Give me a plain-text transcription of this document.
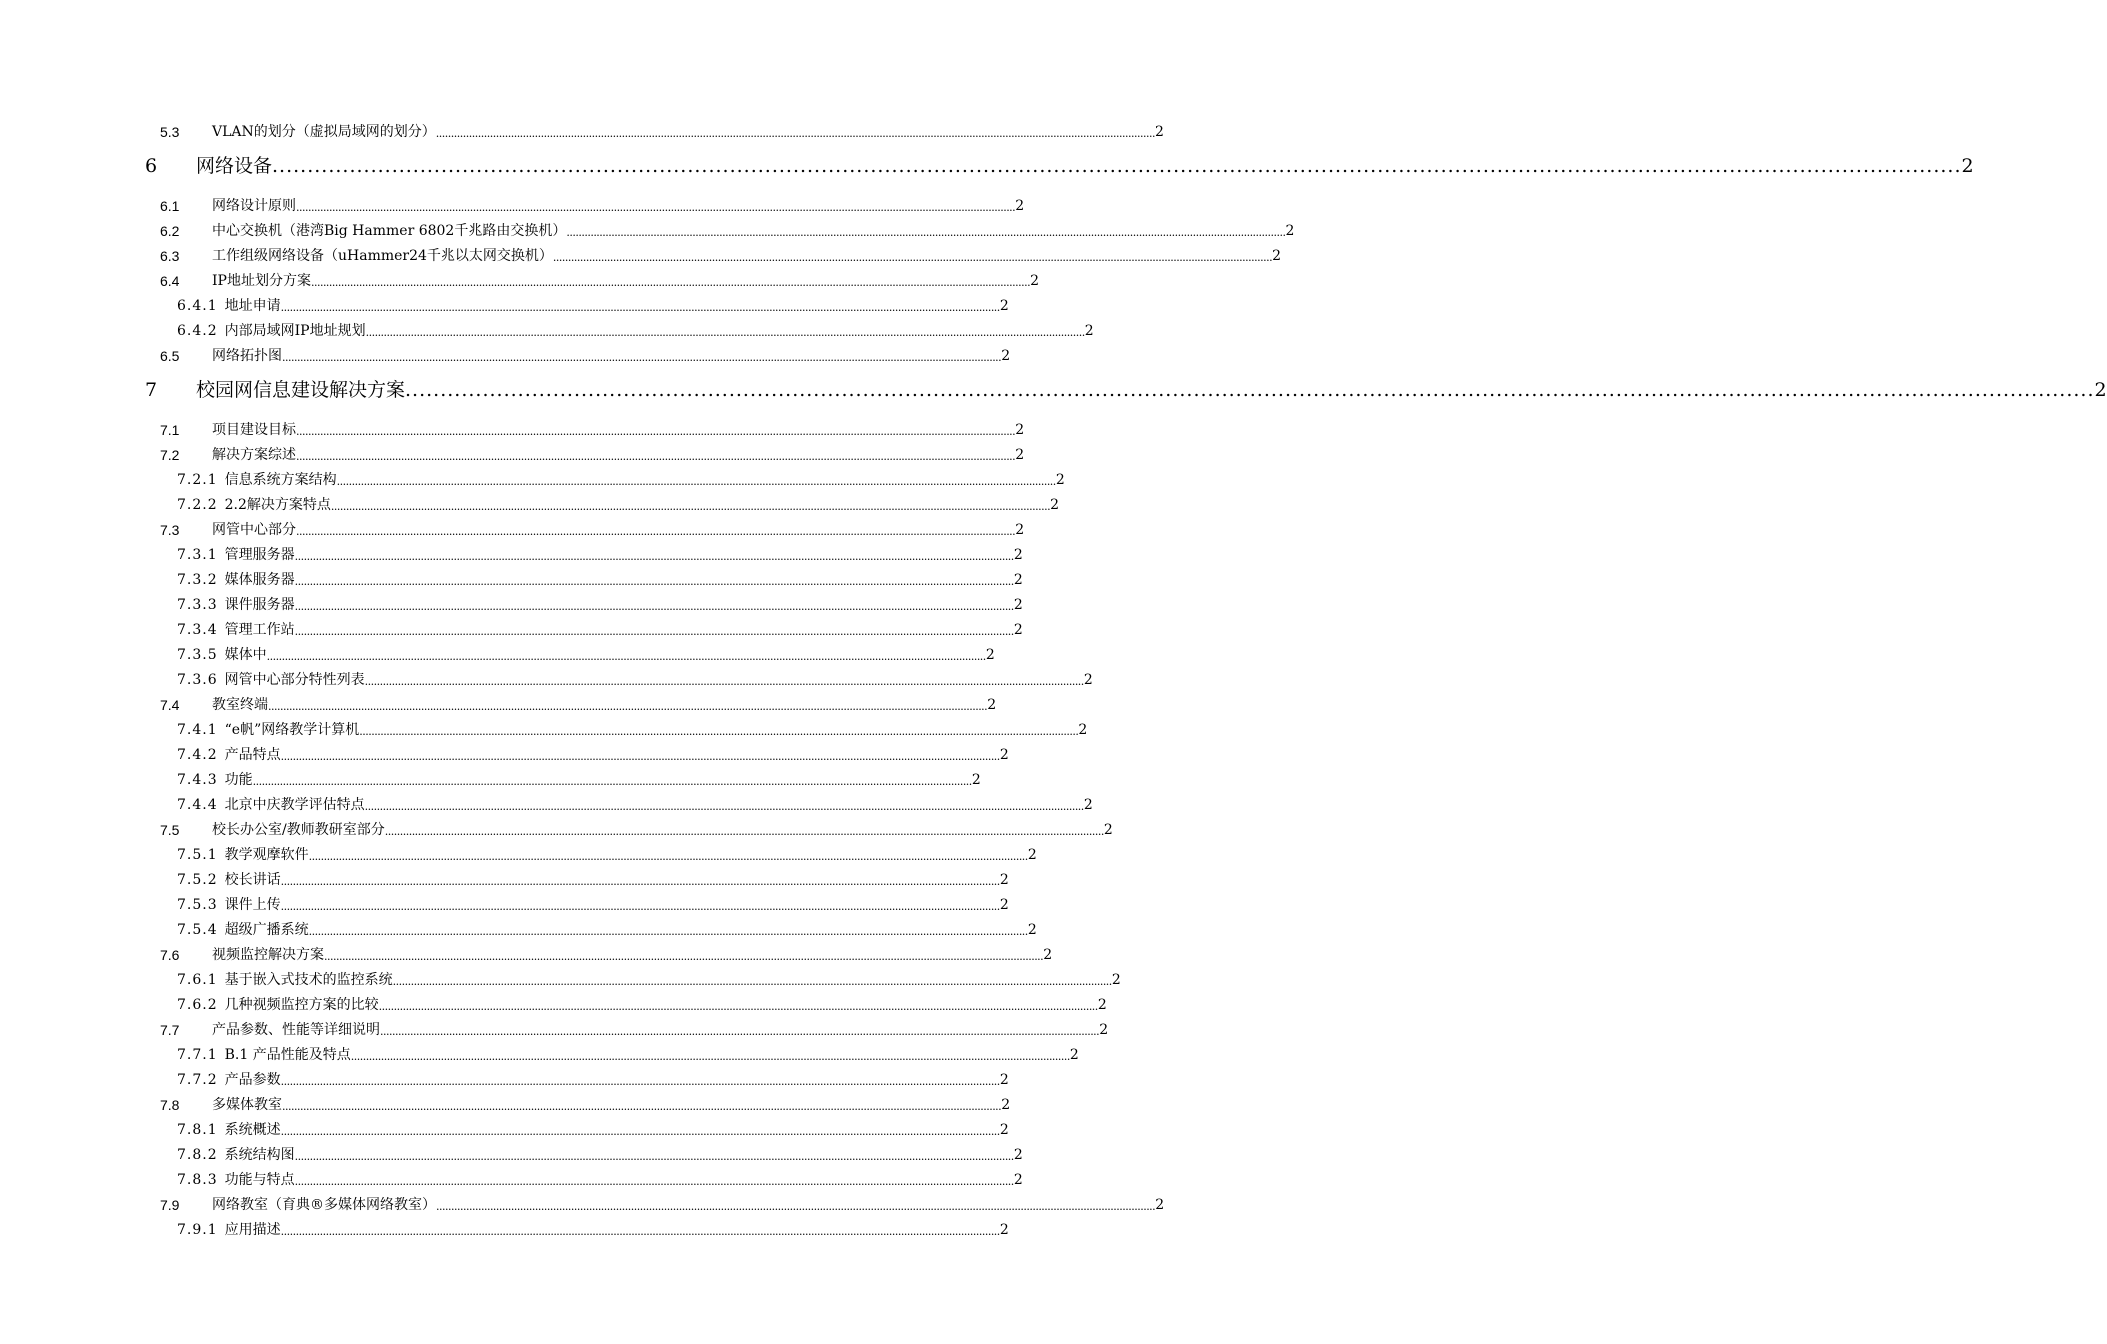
5.3	VLAN的划分（虚拟局域网的划分） ................................................................................................................................................................................................................................................ 2
6	网络设备 ................................................................................................................................................................................................................................................ 2
6.1	网络设计原则 ................................................................................................................................................................................................................................................ 2
6.2	中心交换机（港湾Big Hammer 6802千兆路由交换机） ................................................................................................................................................................................................................................................ 2
6.3	工作组级网络设备（uHammer24千兆以太网交换机） ................................................................................................................................................................................................................................................ 2
6.4	IP地址划分方案 ................................................................................................................................................................................................................................................ 2
6.4.1 地址申请 ................................................................................................................................................................................................................................................ 2
6.4.2 内部局域网IP地址规划 ................................................................................................................................................................................................................................................ 2
6.5	网络拓扑图 ................................................................................................................................................................................................................................................ 2
7	校园网信息建设解决方案 ................................................................................................................................................................................................................................................ 2
7.1	项目建设目标 ................................................................................................................................................................................................................................................ 2
7.2	解决方案综述 ................................................................................................................................................................................................................................................ 2
7.2.1 信息系统方案结构 ................................................................................................................................................................................................................................................ 2
7.2.2 2.2解决方案特点 ................................................................................................................................................................................................................................................ 2
7.3	网管中心部分 ................................................................................................................................................................................................................................................ 2
7.3.1 管理服务器 ................................................................................................................................................................................................................................................ 2
7.3.2 媒体服务器 ................................................................................................................................................................................................................................................ 2
7.3.3 课件服务器 ................................................................................................................................................................................................................................................ 2
7.3.4 管理工作站 ................................................................................................................................................................................................................................................ 2
7.3.5 媒体中 ................................................................................................................................................................................................................................................ 2
7.3.6 网管中心部分特性列表 ................................................................................................................................................................................................................................................ 2
7.4	教室终端 ................................................................................................................................................................................................................................................ 2
7.4.1 “e帆”网络教学计算机 ................................................................................................................................................................................................................................................ 2
7.4.2 产品特点 ................................................................................................................................................................................................................................................ 2
7.4.3 功能 ................................................................................................................................................................................................................................................ 2
7.4.4 北京中庆教学评估特点 ................................................................................................................................................................................................................................................ 2
7.5	校长办公室/教师教研室部分 ................................................................................................................................................................................................................................................ 2
7.5.1 教学观摩软件 ................................................................................................................................................................................................................................................ 2
7.5.2 校长讲话 ................................................................................................................................................................................................................................................ 2
7.5.3 课件上传 ................................................................................................................................................................................................................................................ 2
7.5.4 超级广播系统 ................................................................................................................................................................................................................................................ 2
7.6	视频监控解决方案 ................................................................................................................................................................................................................................................ 2
7.6.1 基于嵌入式技术的监控系统 ................................................................................................................................................................................................................................................ 2
7.6.2 几种视频监控方案的比较 ................................................................................................................................................................................................................................................ 2
7.7	产品参数、性能等详细说明 ................................................................................................................................................................................................................................................ 2
7.7.1 B.1 产品性能及特点 ................................................................................................................................................................................................................................................ 2
7.7.2 产品参数 ................................................................................................................................................................................................................................................ 2
7.8	多媒体教室 ................................................................................................................................................................................................................................................ 2
7.8.1 系统概述 ................................................................................................................................................................................................................................................ 2
7.8.2 系统结构图 ................................................................................................................................................................................................................................................ 2
7.8.3 功能与特点 ................................................................................................................................................................................................................................................ 2
7.9	网络教室（育典®多媒体网络教室） ................................................................................................................................................................................................................................................ 2
7.9.1 应用描述 ................................................................................................................................................................................................................................................ 2
